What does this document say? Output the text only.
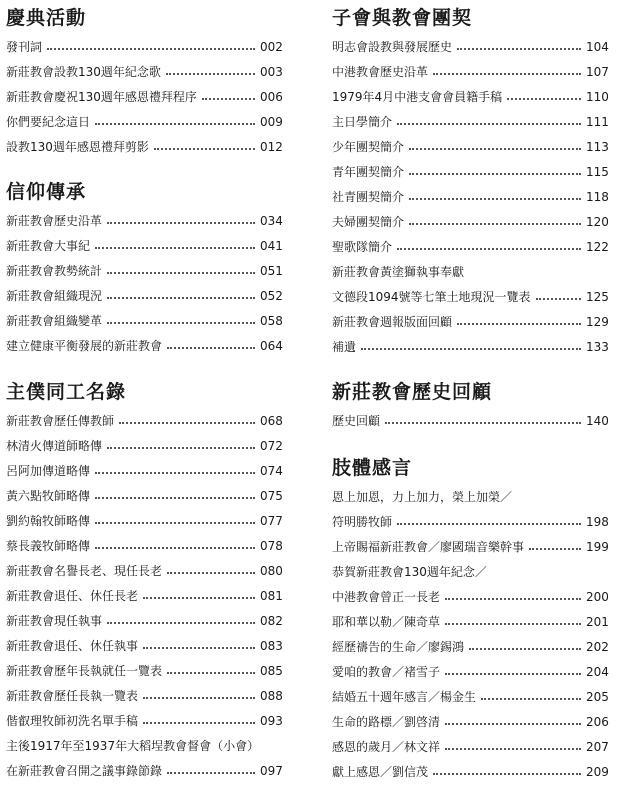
慶典活動
發刊詞	002
新莊教會設教130週年紀念歌	003
新莊教會慶祝130週年感恩禮拜程序	006
你們要紀念這日	009
設教130週年感恩禮拜剪影	012
信仰傳承
新莊教會歷史沿革	034
新莊教會大事紀	041
新莊教會教勢統計	051
新莊教會組織現況	052
新莊教會組織變革	058
建立健康平衡發展的新莊教會	064
主僕同工名錄
新莊教會歷任傳教師	068
林清火傳道師略傳	072
呂阿加傳道略傳	074
黃六點牧師略傳	075
劉約翰牧師略傳	077
蔡長義牧師略傳	078
新莊教會名譽長老、現任長老	080
新莊教會退任、休任長老	081
新莊教會現任執事	082
新莊教會退任、休任執事	083
新莊教會歷年長執就任一覽表	085
新莊教會歷任長執一覽表	088
偕叡理牧師初洗名單手稿	093
主後1917年至1937年大稻埕教會督會（小會）
在新莊教會召開之議事錄節錄	097
子會與教會團契
明志會設教與發展歷史	104
中港教會歷史沿革	107
1979年4月中港支會會員籍手稿	110
主日學簡介	111
少年團契簡介	113
青年團契簡介	115
社青團契簡介	118
夫婦團契簡介	120
聖歌隊簡介	122
新莊教會黃塗獅執事奉獻
文德段1094號等七筆土地現況一覽表	125
新莊教會週報版面回顧	129
補遺	133
新莊教會歷史回顧
歷史回顧	140
肢體感言
恩上加恩，力上加力，榮上加榮／
符明勝牧師	198
上帝賜福新莊教會／廖國瑞音樂幹事	199
恭賀新莊教會130週年紀念／
中港教會曾正一長老	200
耶和華以勒／陳奇草	201
經歷禱告的生命／廖錫鴻	202
愛咱的教會／褚雪子	204
結婚五十週年感言／楊金生	205
生命的路標／劉啓清	206
感恩的歲月／林文祥	207
獻上感恩／劉信茂	209
